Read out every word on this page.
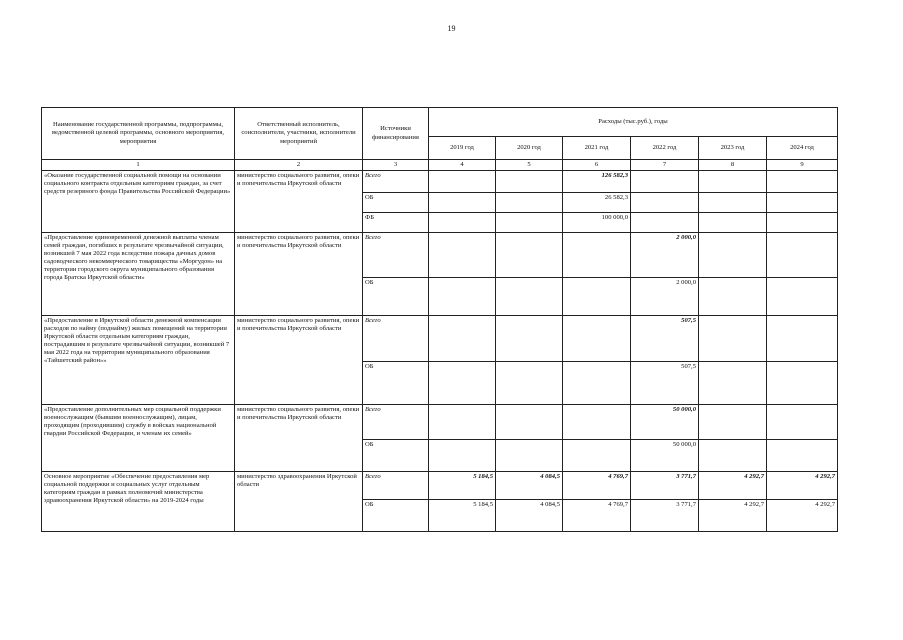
19
Наименование государственной программы, подпрограммы, ведомственной целевой программы, основного мероприятия, мероприятия	Ответственный исполнитель, соисполнители, участники, исполнители мероприятий	Источники финансирования	Расходы (тыс.руб.), годы					
			2019 год	2020 год	2021 год	2022 год	2023 год	2024 год
1	2	3	4	5	6	7	8	9
«Оказание государственной социальной помощи на основании социального контракта отдельным категориям граждан, за счет средств резервного фонда Правительства Российской Федерации»	министерство социального развития, опеки и попечительства Иркутской области	Всего			126 582,3			
		ОБ			26 582,3			
		ФБ			100 000,0			
«Предоставление единовременной денежной выплаты членам семей граждан, погибших в результате чрезвычайной ситуации, возникшей 7 мая 2022 года вследствие пожара дачных домов садоводческого некоммерческого товарищества «Моргудон» на территории городского округа муниципального образования города Братска Иркутской области»	министерство социального развития, опеки и попечительства Иркутской области	Всего				2 000,0		
		ОБ				2 000,0		
«Предоставление в Иркутской области денежной компенсации расходов по найму (поднайму) жилых помещений на территории Иркутской области отдельным категориям граждан, пострадавшим в результате чрезвычайной ситуации, возникшей 7 мая 2022 года на территории муниципального образования «Тайшетский район»»	министерство социального развития, опеки и попечительства Иркутской области	Всего				507,5		
		ОБ				507,5		
«Предоставление дополнительных мер социальной поддержки военнослужащим (бывшим военнослужащим), лицам, проходящим (проходившим) службу в войсках национальной гвардии Российской Федерации, и членам их семей»	министерство социального развития, опеки и попечительства Иркутской области	Всего				50 000,0		
		ОБ				50 000,0		
Основное мероприятие «Обеспечение предоставления мер социальной поддержки и социальных услуг отдельным категориям граждан в рамках полномочий министерства здравоохранения Иркутской области» на 2019-2024 годы	министерство здравоохранения Иркутской области	Всего	5 184,5	4 084,5	4 769,7	3 771,7	4 292,7	4 292,7
		ОБ	5 184,5	4 084,5	4 769,7	3 771,7	4 292,7	4 292,7
